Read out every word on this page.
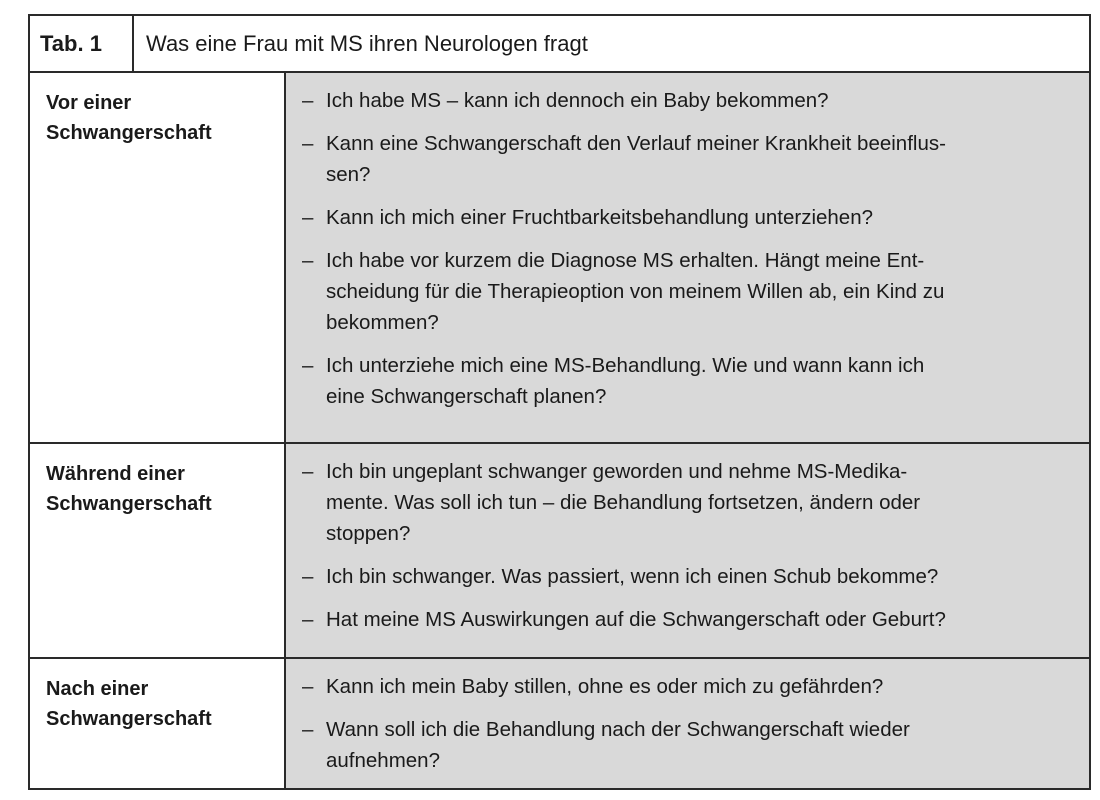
Tab. 1	Was eine Frau mit MS ihren Neurologen fragt
Vor einer
Schwangerschaft
– Ich habe MS – kann ich dennoch ein Baby bekommen?
– Kann eine Schwangerschaft den Verlauf meiner Krankheit beeinflus-
sen?
– Kann ich mich einer Fruchtbarkeitsbehandlung unterziehen?
– Ich habe vor kurzem die Diagnose MS erhalten. Hängt meine Ent-
scheidung für die Therapieoption von meinem Willen ab, ein Kind zu
bekommen?
– Ich unterziehe mich eine MS-Behandlung. Wie und wann kann ich
eine Schwangerschaft planen?
Während einer
Schwangerschaft
– Ich bin ungeplant schwanger geworden und nehme MS-Medika-
mente. Was soll ich tun – die Behandlung fortsetzen, ändern oder
stoppen?
– Ich bin schwanger. Was passiert, wenn ich einen Schub bekomme?
– Hat meine MS Auswirkungen auf die Schwangerschaft oder Geburt?
Nach einer
Schwangerschaft
– Kann ich mein Baby stillen, ohne es oder mich zu gefährden?
– Wann soll ich die Behandlung nach der Schwangerschaft wieder
aufnehmen?
